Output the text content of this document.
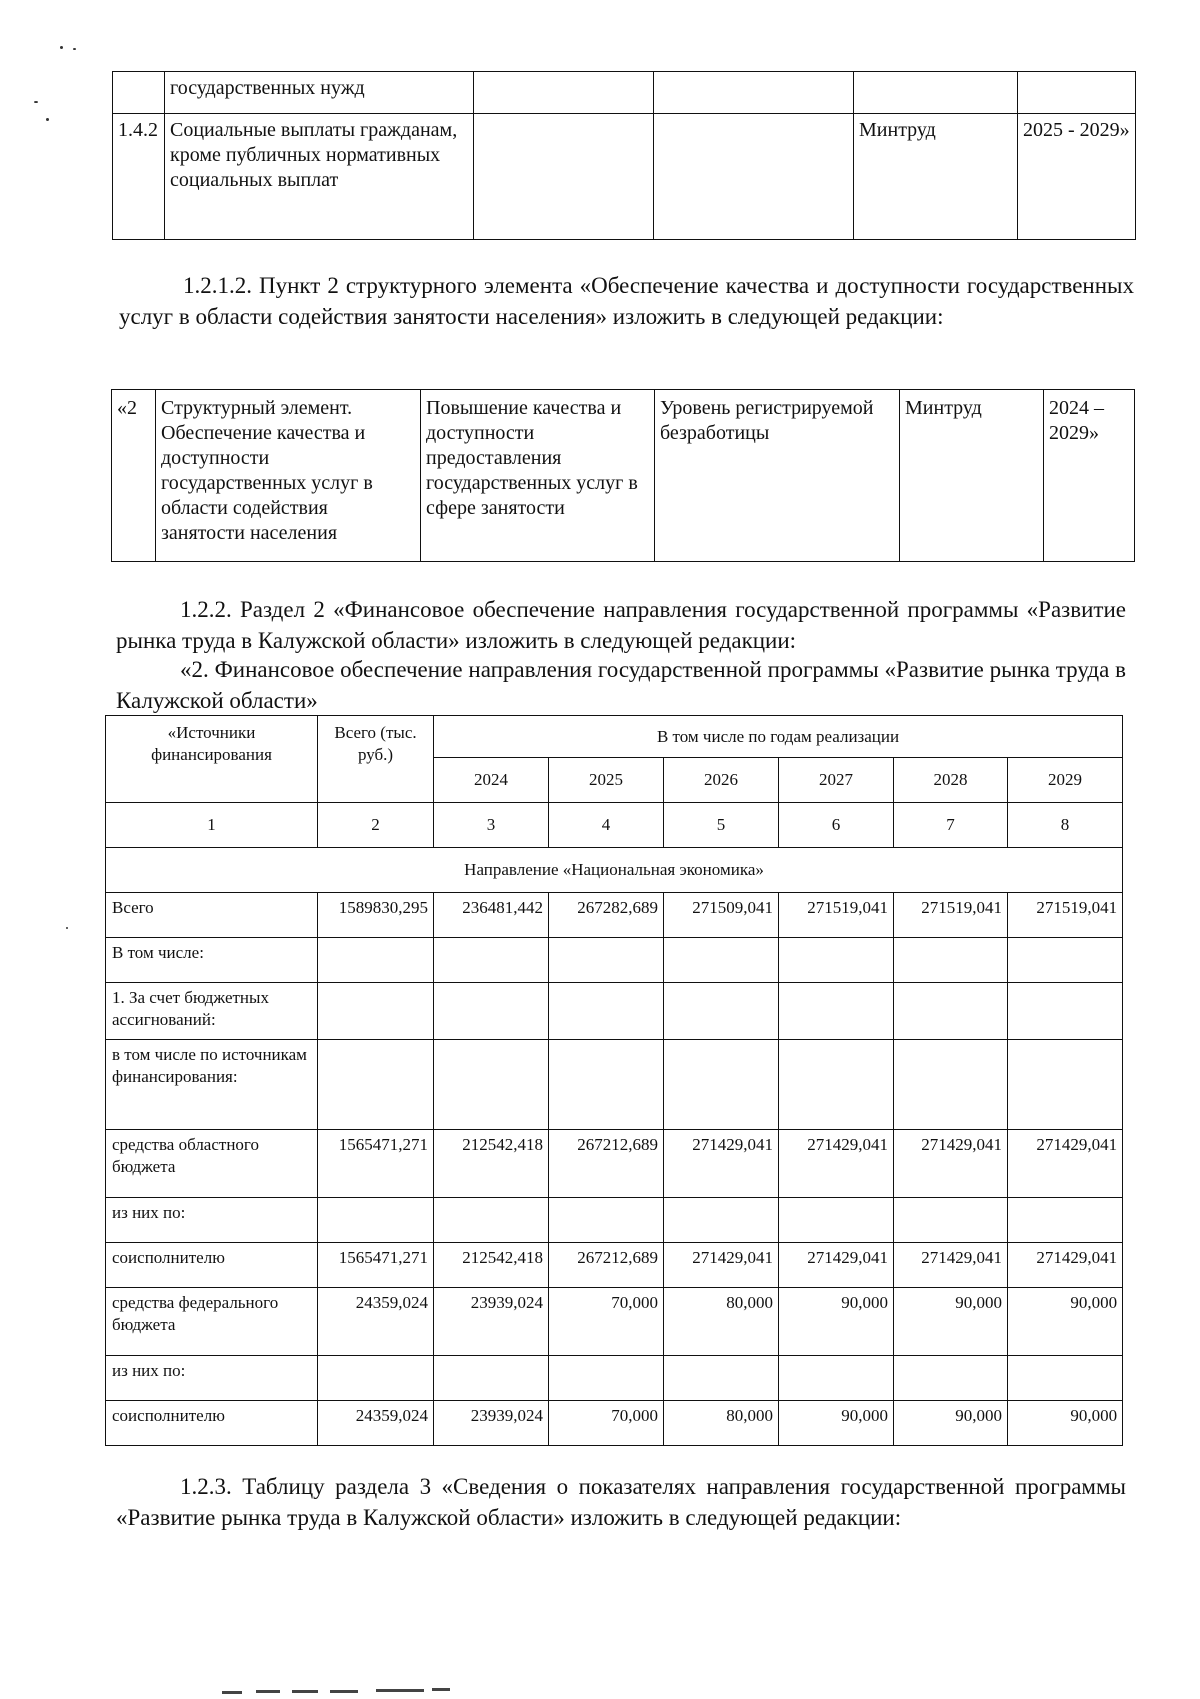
	государственных нужд				
1.4.2	Социальные выплаты гражданам, кроме публичных нормативных социальных выплат			Минтруд	2025 - 2029»
1.2.1.2. Пункт 2 структурного элемента «Обеспечение качества и доступности государственных услуг в области содействия занятости населения» изложить в следующей редакции:
«2	Структурный элемент. Обеспечение качества и доступности государственных услуг в области содействия занятости населения	Повышение качества и доступности предоставления государственных услуг в сфере занятости	Уровень регистрируемой безработицы	Минтруд	2024 – 2029»
1.2.2. Раздел 2 «Финансовое обеспечение направления государственной программы «Развитие рынка труда в Калужской области» изложить в следующей редакции:
«2. Финансовое обеспечение направления государственной программы «Развитие рынка труда в Калужской области»
«Источники финансирования	Всего (тыс. руб.)	В том числе по годам реализации					
		2024	2025	2026	2027	2028	2029
1	2	3	4	5	6	7	8
Направление «Национальная экономика»							
Всего	1589830,295	236481,442	267282,689	271509,041	271519,041	271519,041	271519,041
В том числе:							
1. За счет бюджетных ассигнований:							
в том числе по источникам финансирования:							
средства областного бюджета	1565471,271	212542,418	267212,689	271429,041	271429,041	271429,041	271429,041
из них по:							
соисполнителю	1565471,271	212542,418	267212,689	271429,041	271429,041	271429,041	271429,041
средства федерального бюджета	24359,024	23939,024	70,000	80,000	90,000	90,000	90,000
из них по:							
соисполнителю	24359,024	23939,024	70,000	80,000	90,000	90,000	90,000
1.2.3. Таблицу раздела 3 «Сведения о показателях направления государственной программы «Развитие рынка труда в Калужской области» изложить в следующей редакции:
